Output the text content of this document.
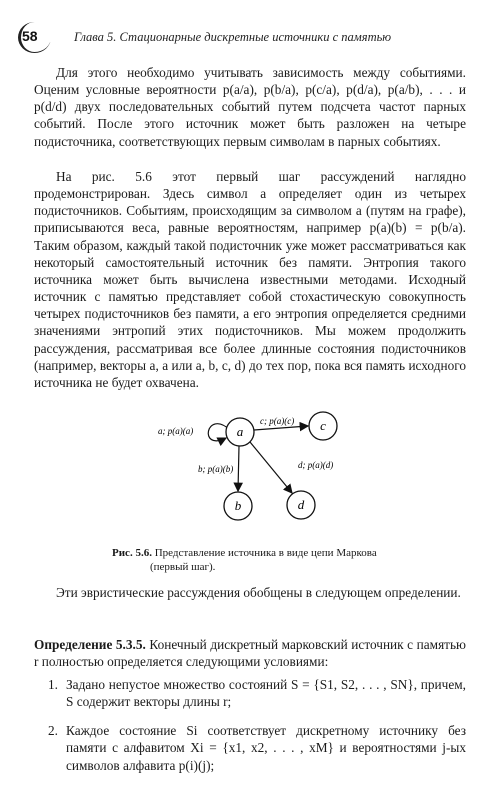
58	Глава 5. Стационарные дискретные источники с памятью

Для этого необходимо учитывать зависимость между событиями. Оценим условные вероятности p(a/a), p(b/a), p(c/a), p(d/a), p(a/b), . . . и p(d/d) двух последовательных событий путем подсчета частот парных событий. После этого источник может быть разложен на четыре подисточника, соответствующих первым символам в парных событиях.

На рис. 5.6 этот первый шаг рассуждений наглядно продемонстрирован. Здесь символ a определяет один из четырех подисточников. Событиям, происходящим за символом a (путям на графе), приписываются веса, равные вероятностям, например p(a)(b) = p(b/a). Таким образом, каждый такой подисточник уже может рассматриваться как некоторый самостоятельный источник без памяти. Энтропия такого источника может быть вычислена известными методами. Исходный источник с памятью представляет собой стохастическую совокупность четырех подисточников без памяти, а его энтропия определяется средними значениями энтропий этих подисточников. Мы можем продолжить рассуждения, рассматривая все более длинные состояния подисточников (например, векторы a, a или a, b, c, d) до тех пор, пока вся память исходного источника не будет охвачена.

a	c
b	d
a; p(a)(a)
c; p(a)(c)
b; p(a)(b)	d; p(a)(d)
Рис. 5.6. Представление источника в виде цепи Маркова
(первый шаг).

Эти эвристические рассуждения обобщены в следующем определении.

Определение 5.3.5. Конечный дискретный марковский источник с памятью r полностью определяется следующими условиями:

1. Задано непустое множество состояний S = {S1, S2, . . . , SN}, причем, S содержит векторы длины r;
2. Каждое состояние Si соответствует дискретному источнику без памяти с алфавитом Xi = {x1, x2, . . . , xM} и вероятностями j-ых символов алфавита p(i)(j);
